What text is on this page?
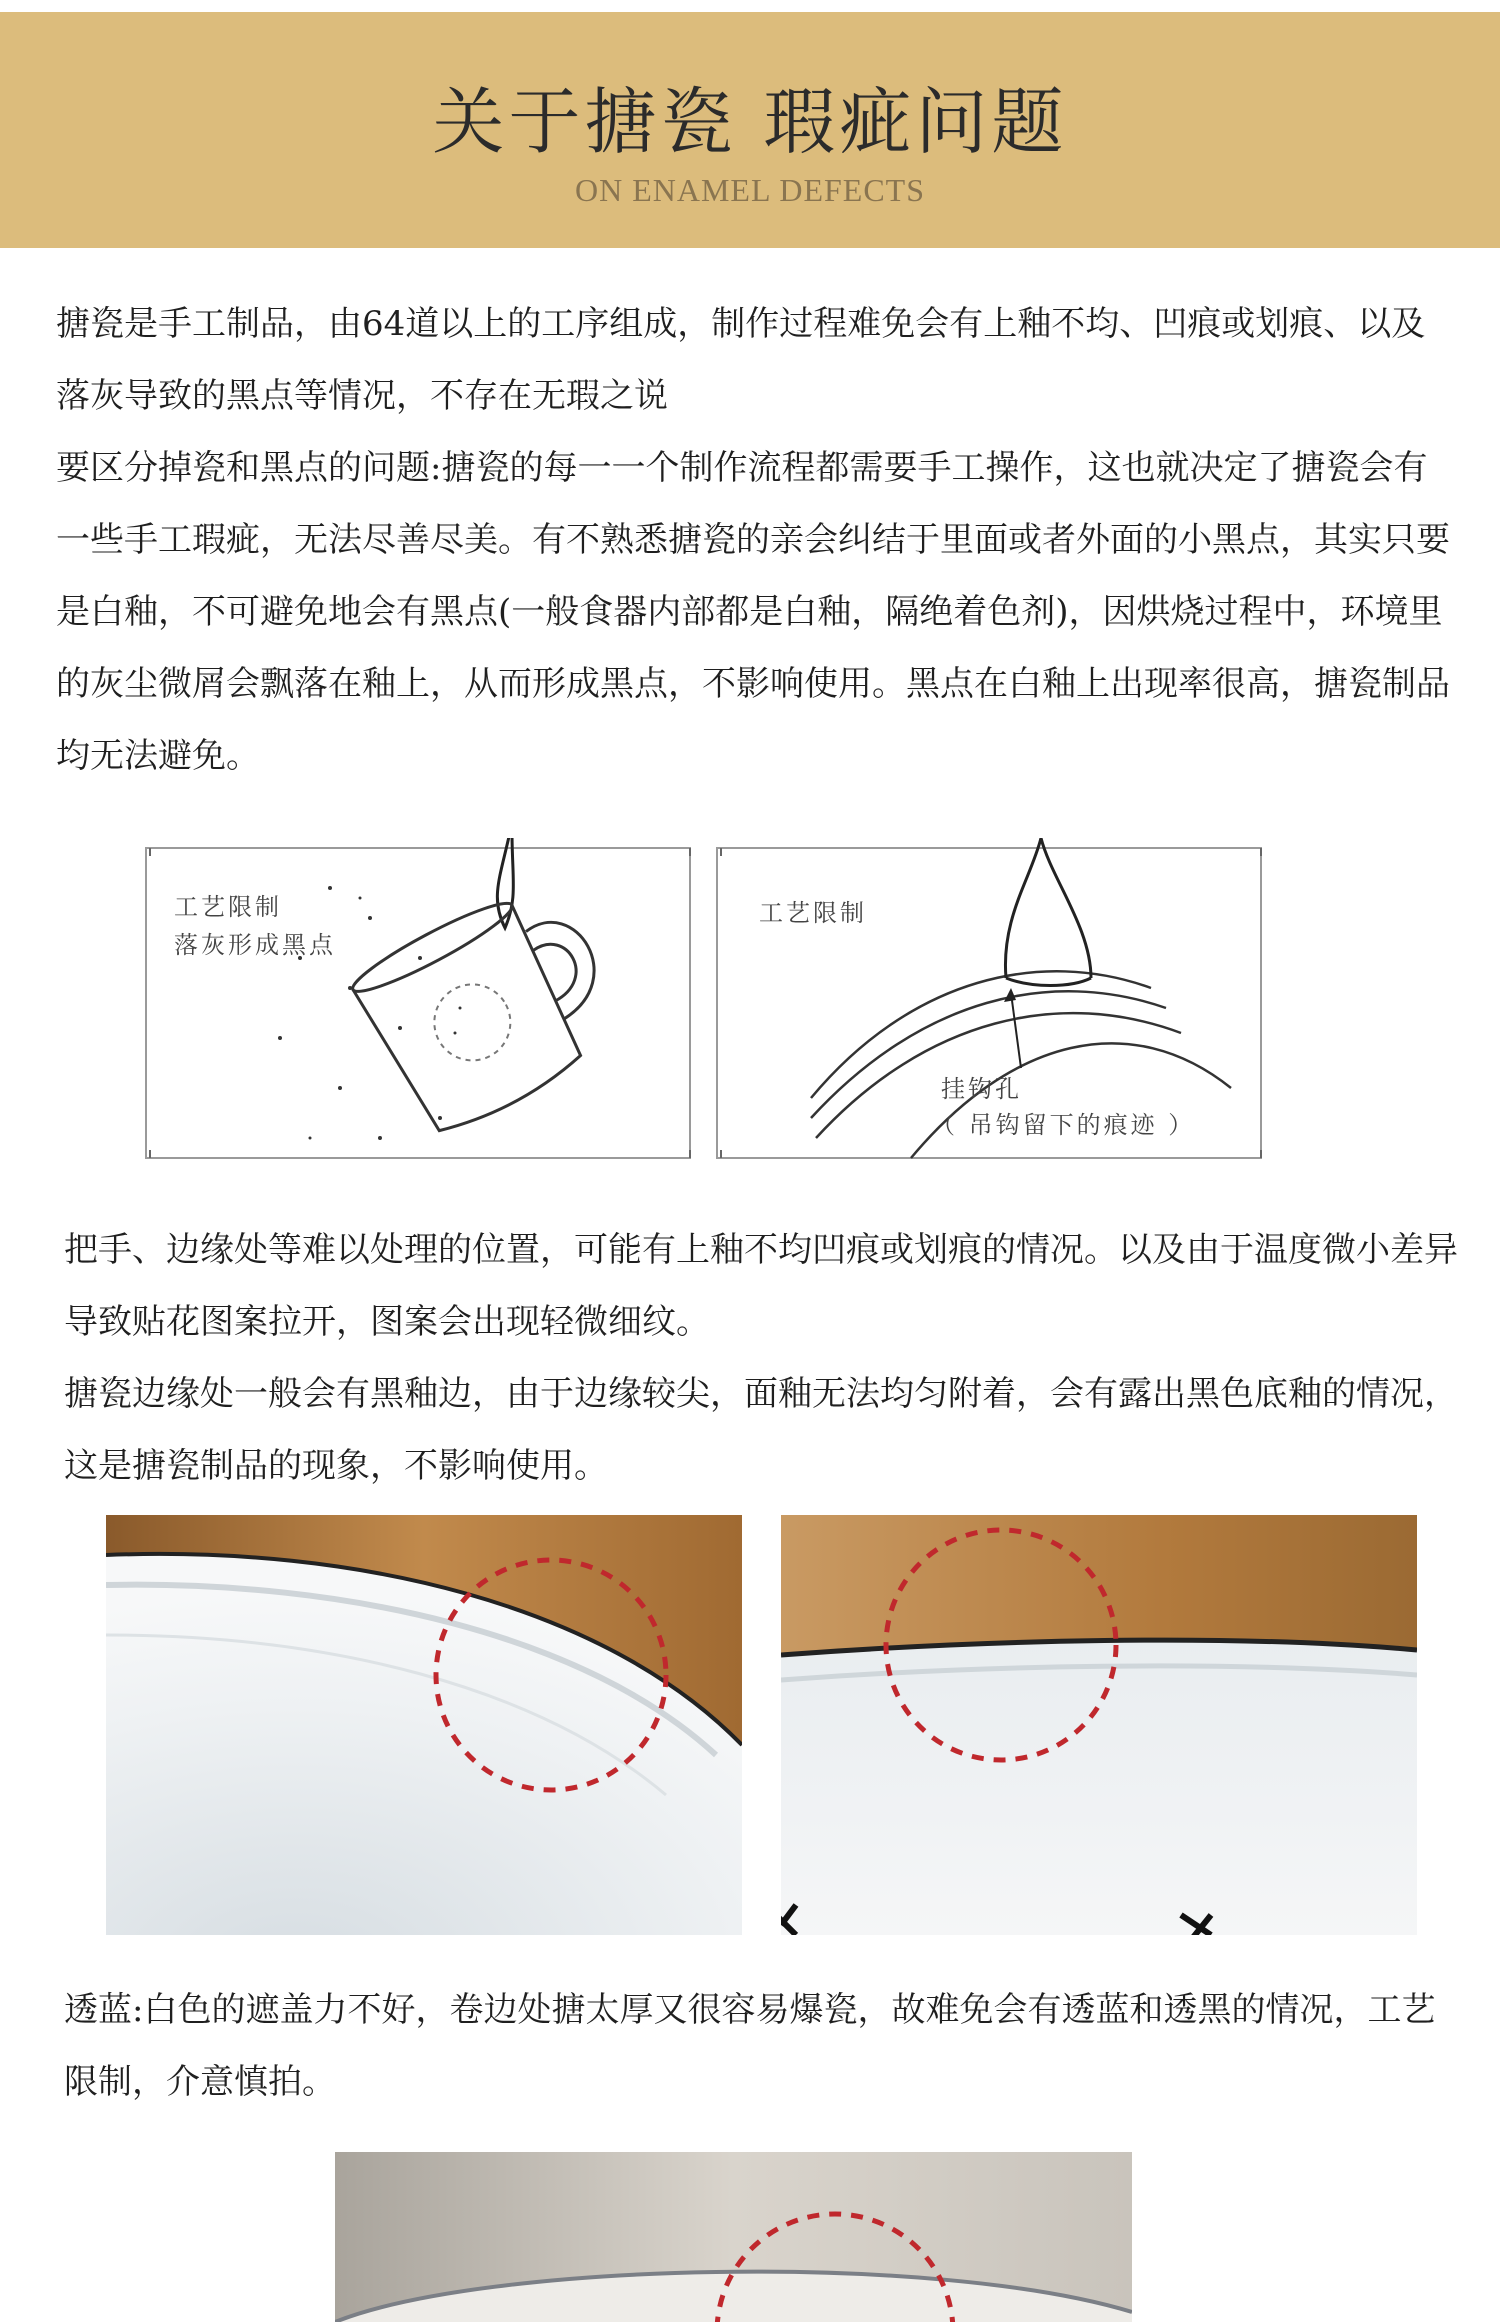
关于搪瓷 瑕疵问题
ON ENAMEL DEFECTS

搪瓷是手工制品，由64道以上的工序组成，制作过程难免会有上釉不均、凹痕或划痕、以及落灰导致的黑点等情况，不存在无瑕之说

要区分掉瓷和黑点的问题:搪瓷的每一一个制作流程都需要手工操作，这也就决定了搪瓷会有一些手工瑕疵，无法尽善尽美。有不熟悉搪瓷的亲会纠结于里面或者外面的小黑点，其实只要是白釉，不可避免地会有黑点(一般食器内部都是白釉，隔绝着色剂)，因烘烧过程中，环境里的灰尘微屑会飘落在釉上，从而形成黑点，不影响使用。黑点在白釉上出现率很高，搪瓷制品均无法避免。

工艺限制
落灰形成黑点
工艺限制
挂钩孔
（ 吊钩留下的痕迹 ）

把手、边缘处等难以处理的位置，可能有上釉不均凹痕或划痕的情况。以及由于温度微小差异导致贴花图案拉开，图案会出现轻微细纹。

搪瓷边缘处一般会有黑釉边，由于边缘较尖，面釉无法均匀附着，会有露出黑色底釉的情况，这是搪瓷制品的现象，不影响使用。

透蓝:白色的遮盖力不好，卷边处搪太厚又很容易爆瓷，故难免会有透蓝和透黑的情况，工艺限制，介意慎拍。
